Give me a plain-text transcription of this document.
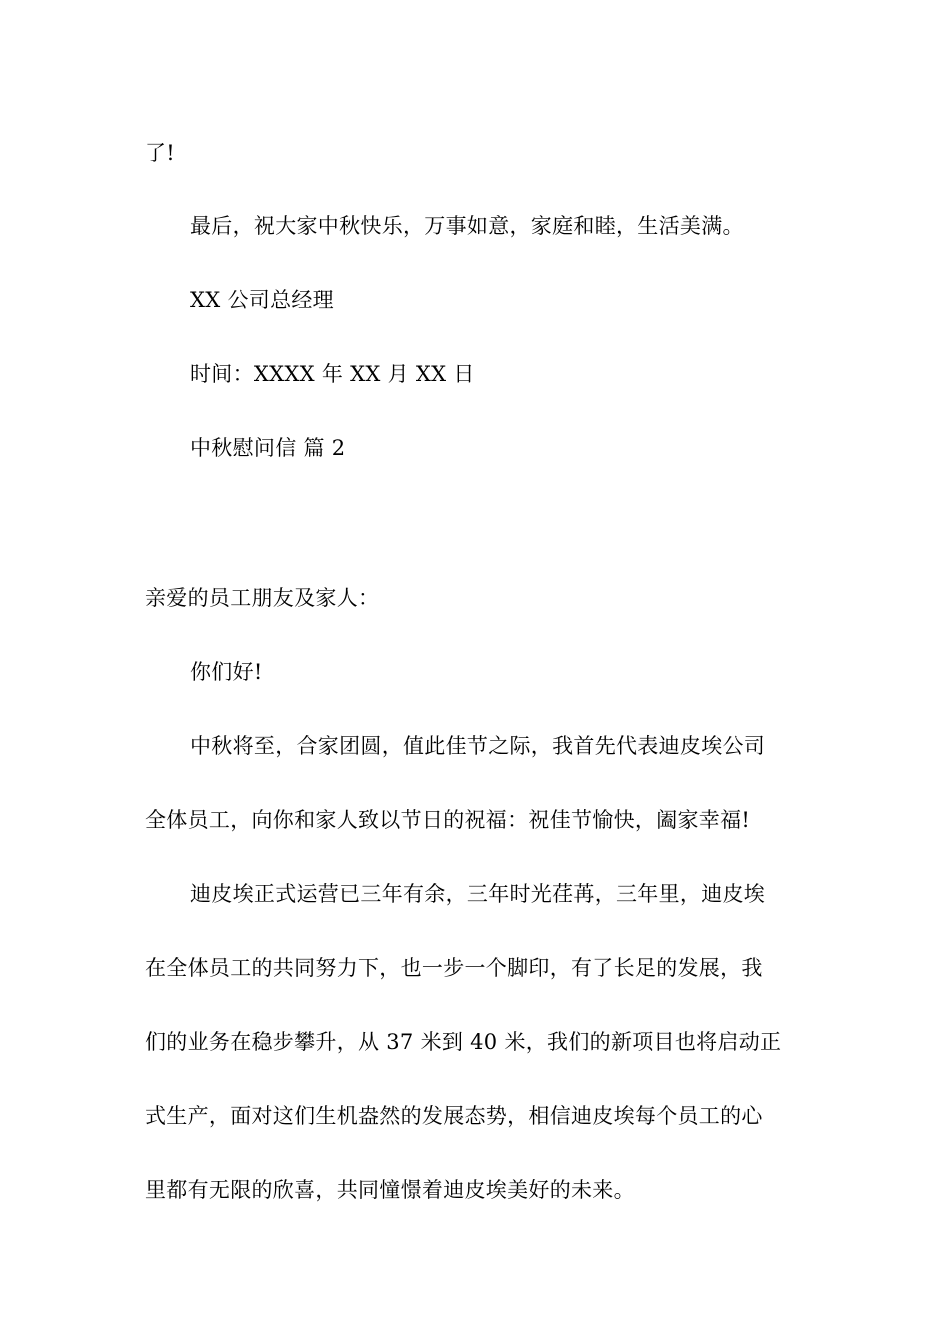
了!
最后，祝大家中秋快乐，万事如意，家庭和睦，生活美满。
XX 公司总经理
时间：XXXX 年 XX 月 XX 日
中秋慰问信 篇 2
亲爱的员工朋友及家人：
你们好!
中秋将至，合家团圆，值此佳节之际，我首先代表迪皮埃公司
全体员工，向你和家人致以节日的祝福：祝佳节愉快，阖家幸福!
迪皮埃正式运营已三年有余，三年时光荏苒，三年里，迪皮埃
在全体员工的共同努力下，也一步一个脚印，有了长足的发展，我
们的业务在稳步攀升，从 37 米到 40 米，我们的新项目也将启动正
式生产，面对这们生机盎然的发展态势，相信迪皮埃每个员工的心
里都有无限的欣喜，共同憧憬着迪皮埃美好的未来。
